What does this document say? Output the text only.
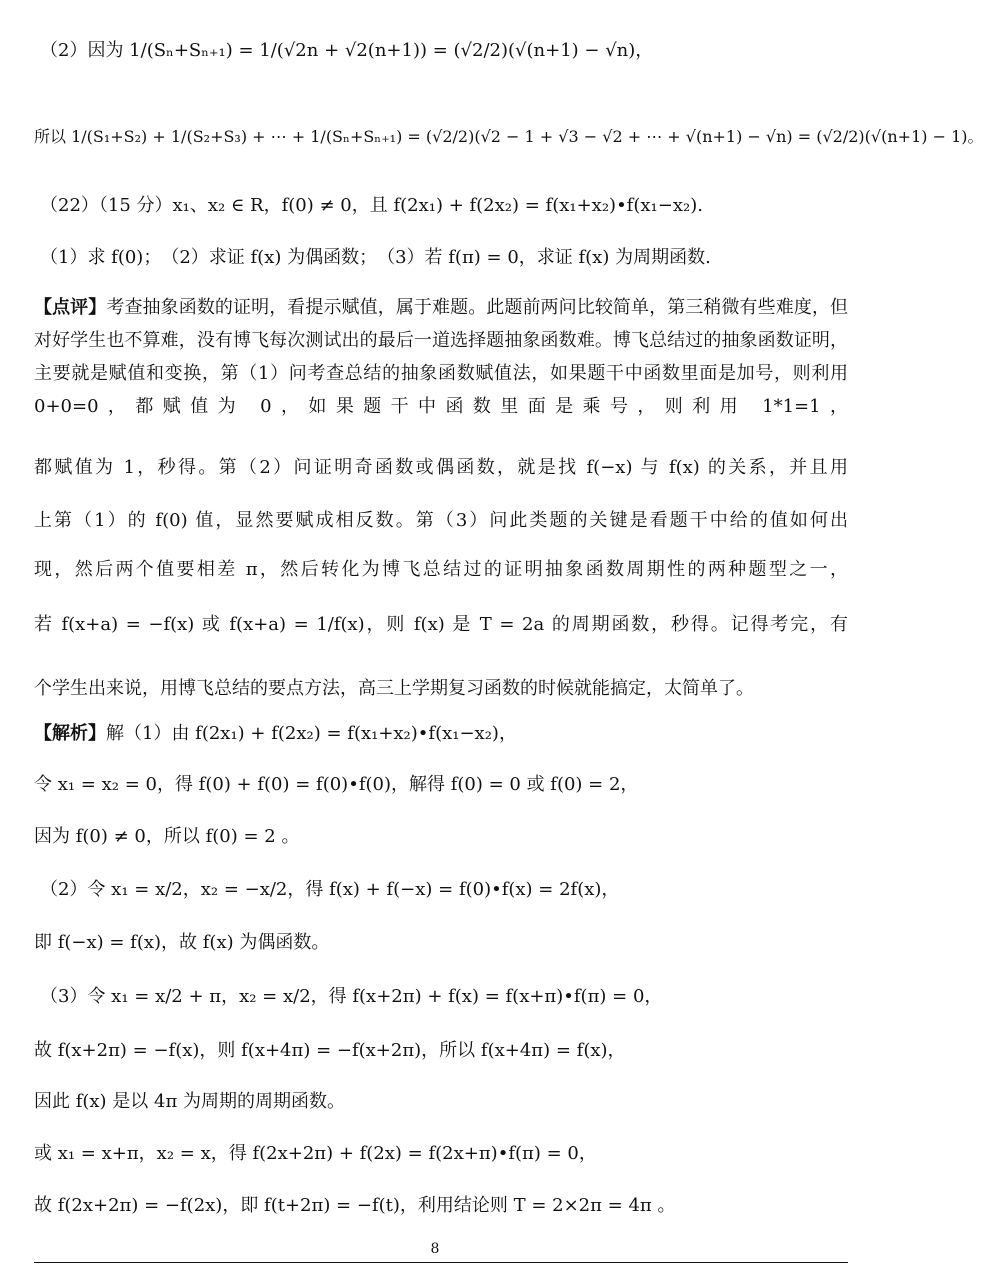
（2）因为 1/(Sₙ+Sₙ₊₁) = 1/(√2n + √2(n+1)) = (√2/2)(√(n+1) − √n)，
所以 1/(S₁+S₂) + 1/(S₂+S₃) + ⋯ + 1/(Sₙ+Sₙ₊₁) = (√2/2)(√2 − 1 + √3 − √2 + ⋯ + √(n+1) − √n) = (√2/2)(√(n+1) − 1)。
（22）（15 分）x₁、x₂ ∈ R，f(0) ≠ 0，且 f(2x₁) + f(2x₂) = f(x₁+x₂)•f(x₁−x₂).
（1）求 f(0)；　（2）求证 f(x) 为偶函数；　（3）若 f(π) = 0，求证 f(x) 为周期函数.
【点评】考查抽象函数的证明，看提示赋值，属于难题。此题前两问比较简单，第三稍微有些难度，但对好学生也不算难，没有博飞每次测试出的最后一道选择题抽象函数难。博飞总结过的抽象函数证明，主要就是赋值和变换，第（1）问考查总结的抽象函数赋值法，如果题干中函数里面是加号，则利用 0+0=0，都赋值为 0，如果题干中函数里面是乘号，则利用 1*1=1，
都赋值为 1，秒得。第（2）问证明奇函数或偶函数，就是找 f(−x) 与 f(x) 的关系，并且用
上第（1）的 f(0) 值，显然要赋成相反数。第（3）问此类题的关键是看题干中给的值如何出
现，然后两个值要相差 π，然后转化为博飞总结过的证明抽象函数周期性的两种题型之一，
若 f(x+a) = −f(x) 或 f(x+a) = 1/f(x)，则 f(x) 是 T = 2a 的周期函数，秒得。记得考完，有
个学生出来说，用博飞总结的要点方法，高三上学期复习函数的时候就能搞定，太简单了。
【解析】解（1）由 f(2x₁) + f(2x₂) = f(x₁+x₂)•f(x₁−x₂)，
令 x₁ = x₂ = 0，得 f(0) + f(0) = f(0)•f(0)，解得 f(0) = 0 或 f(0) = 2，
因为 f(0) ≠ 0，所以 f(0) = 2 。
（2）令 x₁ = x/2，x₂ = −x/2，得 f(x) + f(−x) = f(0)•f(x) = 2f(x)，
即 f(−x) = f(x)，故 f(x) 为偶函数。
（3）令 x₁ = x/2 + π，x₂ = x/2，得 f(x+2π) + f(x) = f(x+π)•f(π) = 0，
故 f(x+2π) = −f(x)，则 f(x+4π) = −f(x+2π)，所以 f(x+4π) = f(x)，
因此 f(x) 是以 4π 为周期的周期函数。
或 x₁ = x+π，x₂ = x，得 f(2x+2π) + f(2x) = f(2x+π)•f(π) = 0，
故 f(2x+2π) = −f(2x)，即 f(t+2π) = −f(t)，利用结论则 T = 2×2π = 4π 。
8
